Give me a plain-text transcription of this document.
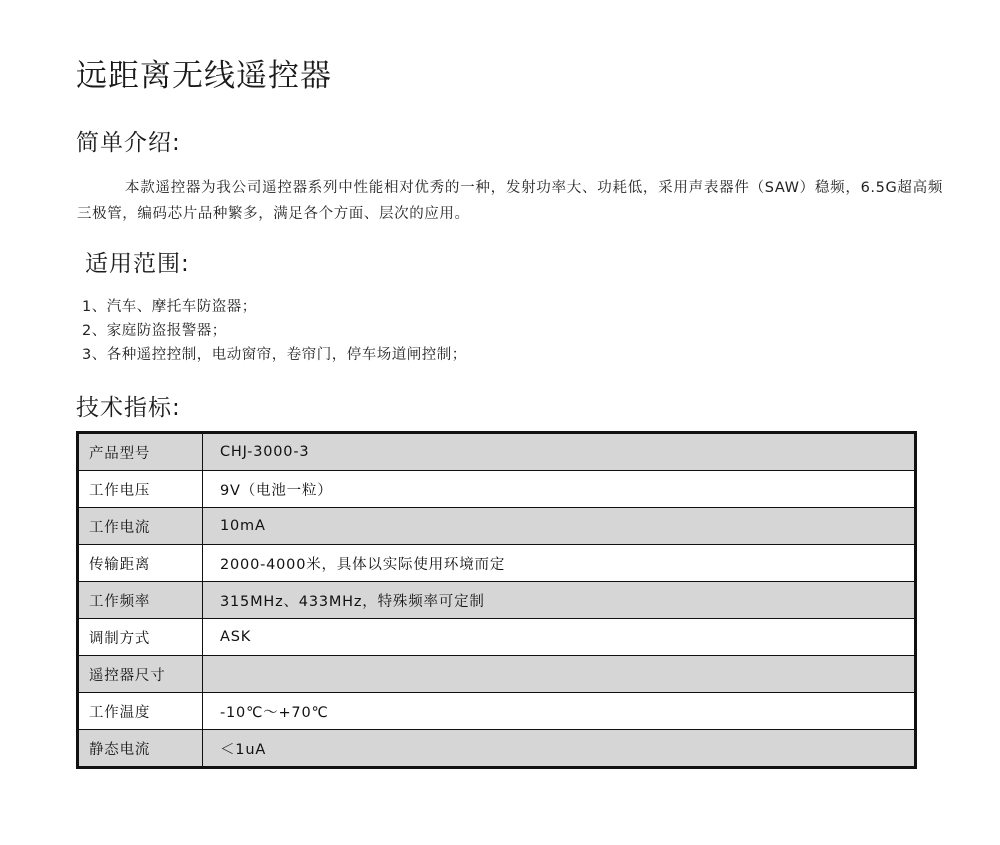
远距离无线遥控器
简单介绍:

本款遥控器为我公司遥控器系列中性能相对优秀的一种，发射功率大、功耗低，采用声表器件（SAW）稳频，6.5G超高频三极管，编码芯片品种繁多，满足各个方面、层次的应用。

适用范围:
1、汽车、摩托车防盗器；
2、家庭防盗报警器；
3、各种遥控控制，电动窗帘，卷帘门，停车场道闸控制；
技术指标:
产品型号	CHJ-3000-3
工作电压	9V（电池一粒）
工作电流	10mA
传输距离	2000-4000米，具体以实际使用环境而定
工作频率	315MHz、433MHz，特殊频率可定制
调制方式	ASK
遥控器尺寸	
工作温度	-10℃～+70℃
静态电流	＜1uA
